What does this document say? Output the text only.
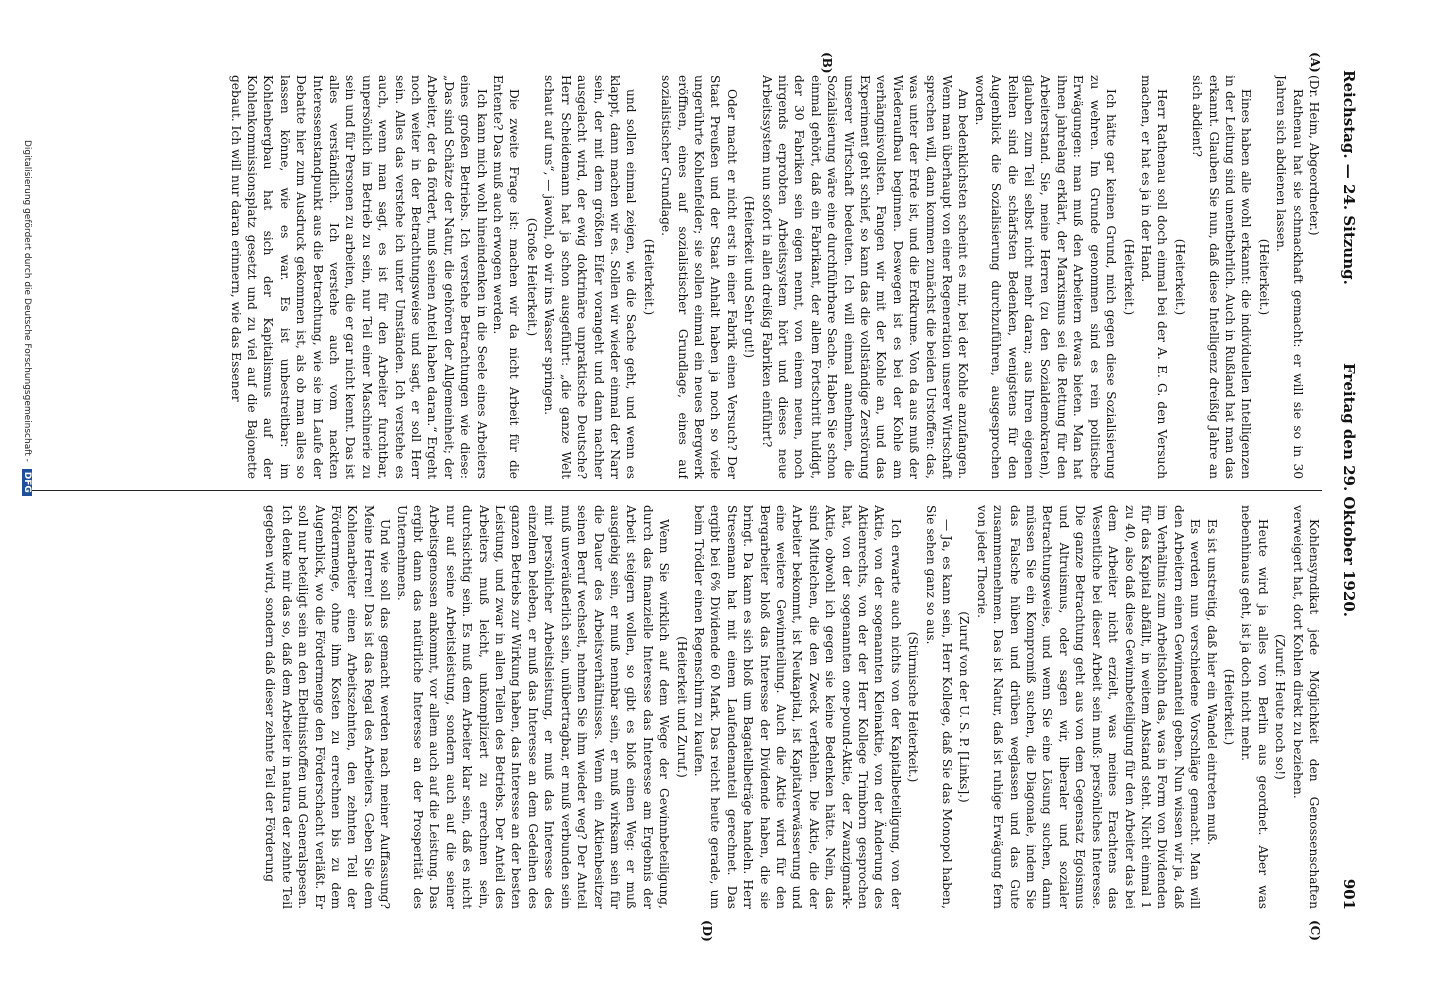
Reichstag. — 24. Sitzung.
Freitag den 29. Oktober 1920.
901
(A)
(B)
(C)
(D)

(Dr. Heim, Abgeordneter.)

Rathenau hat sie schmackhaft gemacht: er will sie so in 30 Jahren sich abdienen lassen.

(Heiterkeit.)

Eines haben alle wohl erkannt: die individuellen Intelligenzen in der Leitung sind unentbehrlich. Auch in Rußland hat man das erkannt. Glauben Sie nun, daß diese Intelligenz dreißig Jahre an sich abdient?

(Heiterkeit.)

Herr Rathenau soll doch einmal bei der A. E. G. den Versuch machen, er hat es ja in der Hand.

(Heiterkeit.)

Ich hätte gar keinen Grund, mich gegen diese Sozialisierung zu wehren. Im Grunde genommen sind es rein politische Erwägungen: man muß den Arbeitern etwas bieten. Man hat ihnen jahrelang erklärt, der Marxismus sei die Rettung für den Arbeiterstand. Sie, meine Herren (zu den Sozialdemokraten), glauben zum Teil selbst nicht mehr daran; aus Ihren eigenen Reihen sind die schärfsten Bedenken, wenigstens für den Augenblick die Sozialisierung durchzuführen, ausgesprochen worden.

Am bedenklichsten scheint es mir, bei der Kohle anzufangen. Wenn man überhaupt von einer Regeneration unserer Wirtschaft sprechen will, dann kommen zunächst die beiden Urstoffen: das, was unter der Erde ist, und die Erdkrume. Von da aus muß der Wiederaufbau beginnen. Deswegen ist es bei der Kohle am verhängnisvollsten. Fangen wir mit der Kohle an, und das Experiment geht schief, so kann das die vollständige Zerstörung unserer Wirtschaft bedeuten. Ich will einmal annehmen, die Sozialisierung wäre eine durchführbare Sache. Haben Sie schon einmal gehört, daß ein Fabrikant, der allem Fortschritt huldigt, der 30 Fabriken sein eigen nennt, von einem neuen, noch nirgends erprobten Arbeitssystem hört und dieses neue Arbeitssystem nun sofort in allen dreißig Fabriken einführt?

(Heiterkeit und Sehr gut!)

Oder macht er nicht erst in einer Fabrik einen Versuch? Der Staat Preußen und der Staat Anhalt haben ja noch so viele ungerührte Kohlenfelder; sie sollen einmal ein neues Bergwerk eröffnen, eines auf sozialistischer Grundlage, eines auf sozialistischer Grundlage.

(Heiterkeit.)

und sollen einmal zeigen, wie die Sache geht, und wenn es klappt, dann machen wir es. Sollen wir wieder einmal der Narr sein, der mit dem größten Eifer vorangeht und dann nachher ausgelacht wird, der ewig doktrinäre unpraktische Deutsche? Herr Scheidemann hat ja schon ausgeführt: „die ganze Welt schaut auf uns“, — jawohl, ob wir ins Wasser springen.

(Große Heiterkeit.)

Die zweite Frage ist: machen wir da nicht Arbeit für die Entente? Das muß auch erwogen werden.

Ich kann mich wohl hineindenken in die Seele eines Arbeiters eines großen Betriebs. Ich verstehe Betrachtungen wie diese: „Das sind Schätze der Natur, die gehören der Allgemeinheit; der Arbeiter, der da fördert, muß seinen Anteil haben daran.“ Ergeht noch weiter in der Betrachtungsweise und sagt, er soll Herr sein. Alles das verstehe ich unter Umständen. Ich verstehe es auch, wenn man sagt, es ist für den Arbeiter furchtbar, unpersönlich im Betrieb zu sein, nur Teil einer Maschinerie zu sein und für Personen zu arbeiten, die er gar nicht kennt. Das ist alles verständlich. Ich verstehe auch vom nackten Interessenstandpunkt aus die Betrachtung, wie sie im Laufe der Debatte hier zum Ausdruck gekommen ist, als ob man alles so lassen könne, wie es war. Es ist unbestreitbar: im Kohlenbergbau hat sich der Kapitalismus auf der Kohlenkommissionsplatz gesetzt und zu viel auf die Bajonette gebaut. Ich will nur daran erinnern, wie das Essener

Kohlensyndikat jede Möglichkeit den Genossenschaften verweigert hat, dort Kohlen direkt zu beziehen.

(Zuruf: Heute noch so!)

Heute wird ja alles von Berlin aus geordnet. Aber was nebenhinaus geht, ist ja doch nicht mehr.

(Heiterkeit.)

Es ist unstreitig, daß hier ein Wandel eintreten muß.

Es werden nun verschiedene Vorschläge gemacht. Man will den Arbeitern einen Gewinnanteil geben. Nun wissen wir ja, daß im Verhältnis zum Arbeitslohn das, was in Form von Dividenden für das Kapital abfällt, in weitem Abstand steht. Nicht einmal 1 zu 40, also daß diese Gewinnbeteiligung für den Arbeiter das bei dem Arbeiter nicht erzielt, was meines Erachtens das Wesentliche bei dieser Arbeit sein muß: persönliches Interesse. Die ganze Betrachtung geht aus von dem Gegensatz Egoismus und Altruismus, oder sagen wir, liberaler und sozialer Betrachtungsweise, und wenn Sie eine Lösung suchen, dann müssen Sie ein Kompromiß suchen, die Diagonale, indem Sie das Falsche hüben und drüben weglassen und das Gute zusammennehmen. Das ist Natur, daß ist ruhige Erwägung fern von jeder Theorie.

(Zuruf von der U. S. P. [Links].)

— Ja, es kann sein, Herr Kollege, daß Sie das Monopol haben, Sie sehen ganz so aus.

(Stürmische Heiterkeit.)

Ich erwarte auch nichts von der Kapitalbeteiligung, von der Aktie, von der sogenannten Kleinaktie, von der Änderung des Aktienrechts, von der der Herr Kollege Trimborn gesprochen hat, von der sogenannten one-pound-Aktie, der Zwanzigmark-Aktie, obwohl ich gegen sie keine Bedenken hätte. Nein, das sind Mittelchen, die den Zweck verfehlen. Die Aktie, die der Arbeiter bekommt, ist Neukapital, ist Kapitalverwässerung und eine weitere Gewinnteilung. Auch die Aktie wird für den Bergarbeiter bloß das Interesse der Dividende haben, die sie bringt. Da kann es sich bloß um Bagatellbeträge handeln. Herr Stresemann hat mit einem Laufendenanteil gerechnet. Das ergibt bei 6% Dividende 60 Mark. Das reicht heute gerade, um beim Trödler einen Regenschirm zu kaufen.

(Heiterkeit und Zuruf.)

Wenn Sie wirklich auf dem Wege der Gewinnbeteiligung, durch das finanzielle Interesse das Interesse am Ergebnis der Arbeit steigern wollen, so gibt es bloß einen Weg: er muß ausgiebig sein, er muß nennbar sein, er muß wirksam sein für die Dauer des Arbeitsverhältnisses. Wenn ein Aktienbesitzer seinen Beruf wechselt, nehmen Sie ihm wieder weg? Der Anteil muß unveräußerlich sein, unübertragbar, er muß verbunden sein mit persönlicher Arbeitsleistung, er muß das Interesse des einzelnen beleben, er muß das Interesse an dem Gedeihen des ganzen Betriebs zur Wirkung haben, das Interesse an der besten Leistung, und zwar in allen Teilen des Betriebs. Der Anteil des Arbeiters muß leicht, unkompliziert zu errechnen sein, durchsichtig sein. Es muß dem Arbeiter klar sein, daß es nicht nur auf seine Arbeitsleistung, sondern auch auf die seiner Arbeitsgenossen ankommt, vor allem auch auf die Leistung. Das ergibt dann das natürliche Interesse an der Prosperität des Unternehmens.

Und wie soll das gemacht werden nach meiner Auffassung? Meine Herren! Das ist das Regal des Arbeiters. Geben Sie dem Kohlenarbeiter einen Arbeitszehnten, den zehnten Teil der Fördermenge, ohne ihm Kosten zu errechnen bis zu dem Augenblick, wo die Fördermenge den Förderschacht verläßt. Er soll nur beteiligt sein an den Ebeltnisstoffen und Generalspesen. Ich denke mir das so, daß dem Arbeiter in natura der zehnte Teil gegeben wird, sondern daß dieser zehnte Teil der Förderung

Digitalisierung gefördert durch die Deutsche Forschungsgemeinschaft - DFG
